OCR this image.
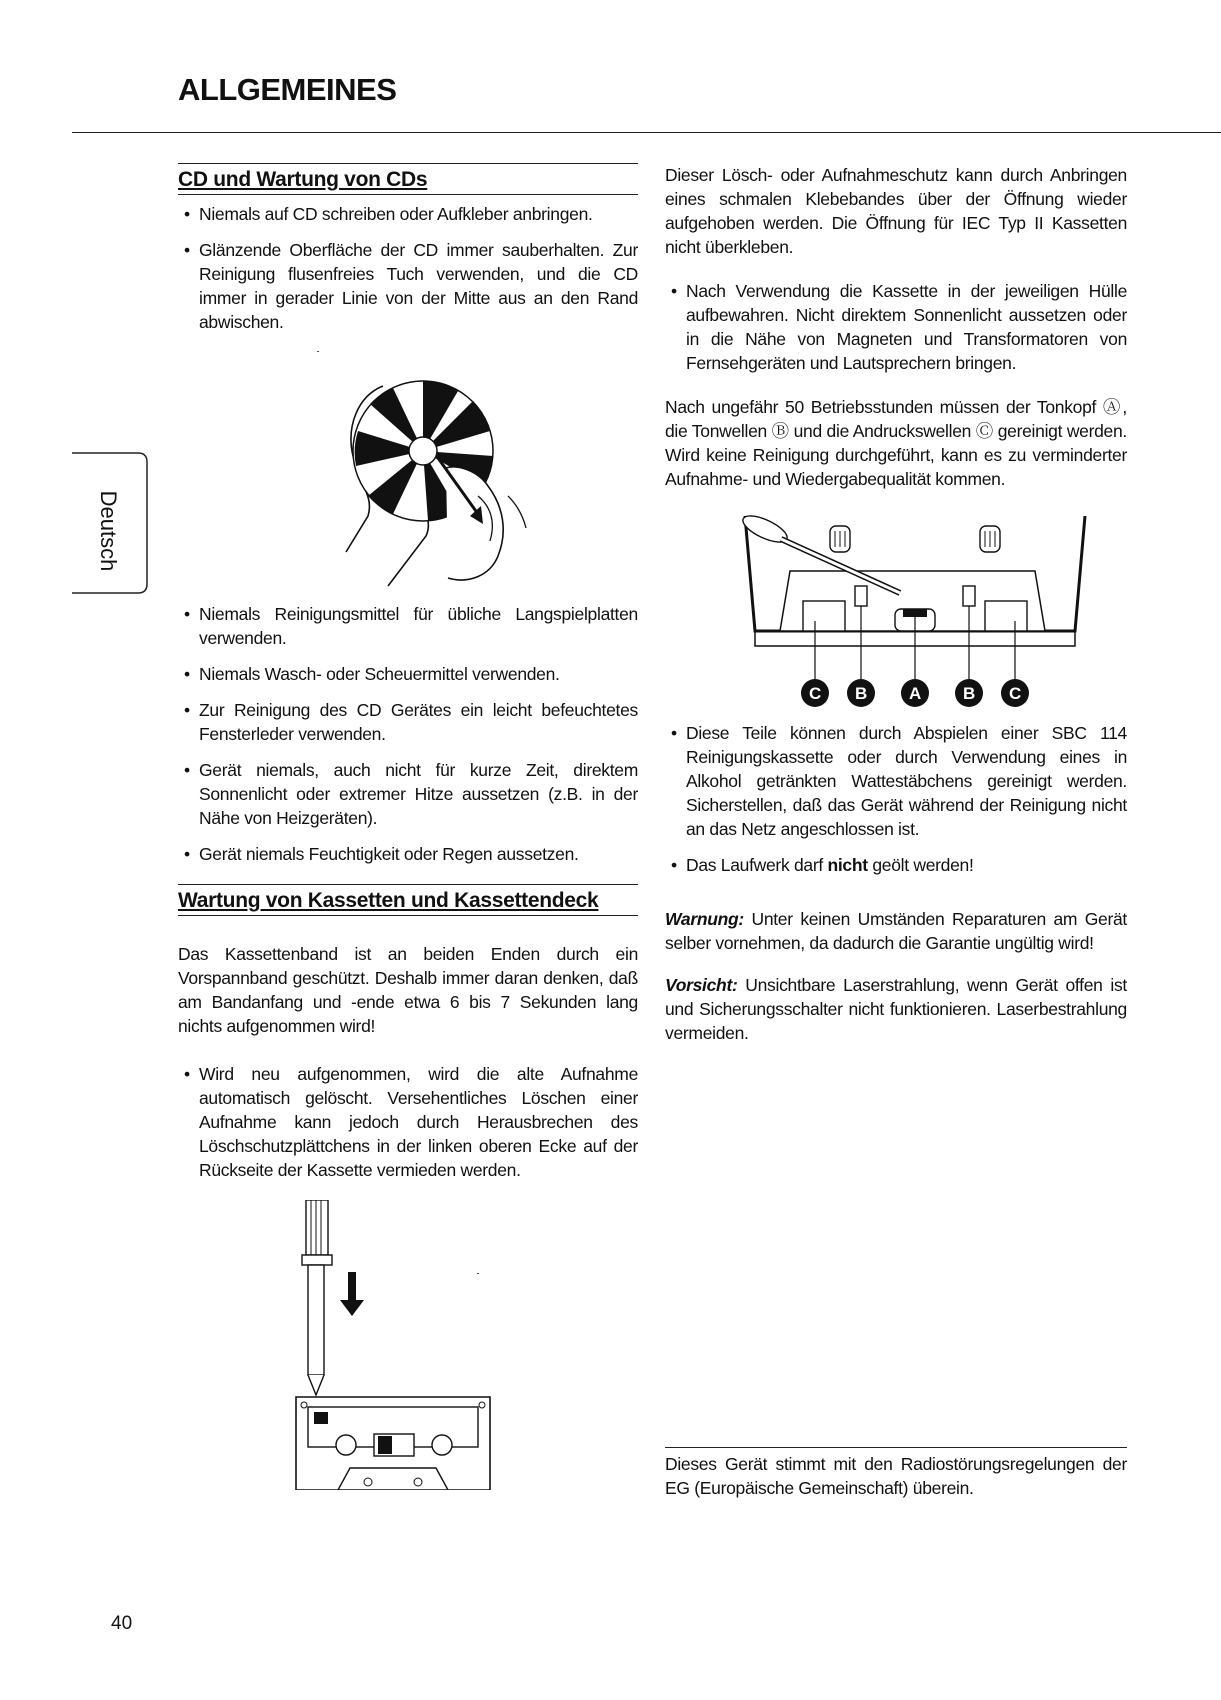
ALLGEMEINES
Deutsch
CD und Wartung von CDs
• Niemals auf CD schreiben oder Aufkleber anbringen.
• Glänzende Oberfläche der CD immer sauberhalten. Zur Reinigung flusenfreies Tuch verwenden, und die CD immer in gerader Linie von der Mitte aus an den Rand abwischen.
• Niemals Reinigungsmittel für übliche Langspielplatten verwenden.
• Niemals Wasch- oder Scheuermittel verwenden.
• Zur Reinigung des CD Gerätes ein leicht befeuchtetes Fensterleder verwenden.
• Gerät niemals, auch nicht für kurze Zeit, direktem Sonnenlicht oder extremer Hitze aussetzen (z.B. in der Nähe von Heizgeräten).
• Gerät niemals Feuchtigkeit oder Regen aussetzen.
Wartung von Kassetten und Kassettendeck

Das Kassettenband ist an beiden Enden durch ein Vorspannband geschützt. Deshalb immer daran denken, daß am Bandanfang und -ende etwa 6 bis 7 Sekunden lang nichts aufgenommen wird!

• Wird neu aufgenommen, wird die alte Aufnahme automatisch gelöscht. Versehentliches Löschen einer Aufnahme kann jedoch durch Herausbrechen des Löschschutzplättchens in der linken oberen Ecke auf der Rückseite der Kassette vermieden werden.

Dieser Lösch- oder Aufnahmeschutz kann durch Anbringen eines schmalen Klebebandes über der Öffnung wieder aufgehoben werden. Die Öffnung für IEC Typ II Kassetten nicht überkleben.

• Nach Verwendung die Kassette in der jeweiligen Hülle aufbewahren. Nicht direktem Sonnenlicht aussetzen oder in die Nähe von Magneten und Transformatoren von Fernsehgeräten und Lautsprechern bringen.

Nach ungefähr 50 Betriebsstunden müssen der Tonkopf Ⓐ, die Tonwellen Ⓑ und die Andruckswellen Ⓒ gereinigt werden. Wird keine Reinigung durchgeführt, kann es zu verminderter Aufnahme- und Wiedergabequalität kommen.

C B A B C
• Diese Teile können durch Abspielen einer SBC 114 Reinigungskassette oder durch Verwendung eines in Alkohol getränkten Wattestäbchens gereinigt werden. Sicherstellen, daß das Gerät während der Reinigung nicht an das Netz angeschlossen ist.
• Das Laufwerk darf nicht geölt werden!

Warnung: Unter keinen Umständen Reparaturen am Gerät selber vornehmen, da dadurch die Garantie ungültig wird!

Vorsicht: Unsichtbare Laserstrahlung, wenn Gerät offen ist und Sicherungsschalter nicht funktionieren. Laserbestrahlung vermeiden.

Dieses Gerät stimmt mit den Radiostörungsregelungen der EG (Europäische Gemeinschaft) überein.

40
